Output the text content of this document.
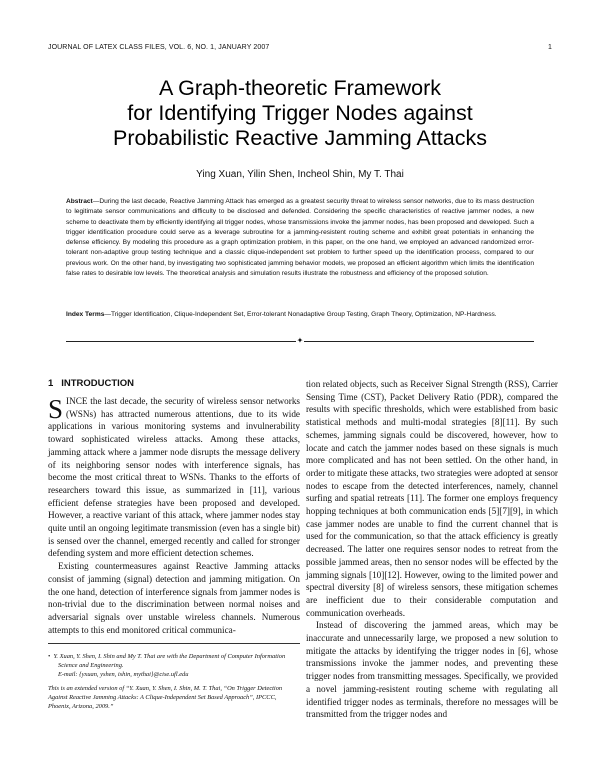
JOURNAL OF LATEX CLASS FILES, VOL. 6, NO. 1, JANUARY 2007	1
A Graph-theoretic Framework
for Identifying Trigger Nodes against
Probabilistic Reactive Jamming Attacks
Ying Xuan, Yilin Shen, Incheol Shin, My T. Thai
Abstract—During the last decade, Reactive Jamming Attack has emerged as a greatest security threat to wireless sensor networks, due to its mass destruction to legitimate sensor communications and difficulty to be disclosed and defended. Considering the specific characteristics of reactive jammer nodes, a new scheme to deactivate them by efficiently identifying all trigger nodes, whose transmissions invoke the jammer nodes, has been proposed and developed. Such a trigger identification procedure could serve as a leverage subroutine for a jamming-resistent routing scheme and exhibit great potentials in enhancing the defense efficiency. By modeling this procedure as a graph optimization problem, in this paper, on the one hand, we employed an advanced randomized error-tolerant non-adaptive group testing technique and a classic clique-independent set problem to further speed up the identification process, compared to our previous work. On the other hand, by investigating two sophisticated jamming behavior models, we proposed an efficient algorithm which limits the identification false rates to desirable low levels. The theoretical analysis and simulation results illustrate the robustness and efficiency of the proposed solution.
Index Terms—Trigger Identification, Clique-Independent Set, Error-tolerant Nonadaptive Group Testing, Graph Theory, Optimization, NP-Hardness.
✦
1 INTRODUCTION

SINCE the last decade, the security of wireless sensor networks (WSNs) has attracted numerous attentions, due to its wide applications in various monitoring systems and invulnerability toward sophisticated wireless attacks. Among these attacks, jamming attack where a jammer node disrupts the message delivery of its neighboring sensor nodes with interference signals, has become the most critical threat to WSNs. Thanks to the efforts of researchers toward this issue, as summarized in [11], various efficient defense strategies have been proposed and developed. However, a reactive variant of this attack, where jammer nodes stay quite until an ongoing legitimate transmission (even has a single bit) is sensed over the channel, emerged recently and called for stronger defending system and more efficient detection schemes.

Existing countermeasures against Reactive Jamming attacks consist of jamming (signal) detection and jamming mitigation. On the one hand, detection of interference signals from jammer nodes is non-trivial due to the discrimination between normal noises and adversarial signals over unstable wireless channels. Numerous attempts to this end monitored critical communica-

tion related objects, such as Receiver Signal Strength (RSS), Carrier Sensing Time (CST), Packet Delivery Ratio (PDR), compared the results with specific thresholds, which were established from basic statistical methods and multi-modal strategies [8][11]. By such schemes, jamming signals could be discovered, however, how to locate and catch the jammer nodes based on these signals is much more complicated and has not been settled. On the other hand, in order to mitigate these attacks, two strategies were adopted at sensor nodes to escape from the detected interferences, namely, channel surfing and spatial retreats [11]. The former one employs frequency hopping techniques at both communication ends [5][7][9], in which case jammer nodes are unable to find the current channel that is used for the communication, so that the attack efficiency is greatly decreased. The latter one requires sensor nodes to retreat from the possible jammed areas, then no sensor nodes will be effected by the jamming signals [10][12]. However, owing to the limited power and spectral diversity [8] of wireless sensors, these mitigation schemes are inefficient due to their considerable computation and communication overheads.

Instead of discovering the jammed areas, which may be inaccurate and unnecessarily large, we proposed a new solution to mitigate the attacks by identifying the trigger nodes in [6], whose transmissions invoke the jammer nodes, and preventing these trigger nodes from transmitting messages. Specifically, we provided a novel jamming-resistent routing scheme with regulating all identified trigger nodes as terminals, therefore no messages will be transmitted from the trigger nodes and

• Y. Xuan, Y. Shen, I. Shin and My T. Thai are with the Department of Computer Information Science and Engineering.
E-mail: {yxuan, yshen, ishin, mythai}@cise.ufl.edu
This is an extended version of “Y. Xuan, Y. Shen, I. Shin, M. T. Thai, “On Trigger Detection Against Reactive Jamming Attacks: A Clique-Independent Set Based Approach”, IPCCC, Phoenix, Arizona, 2009.”
